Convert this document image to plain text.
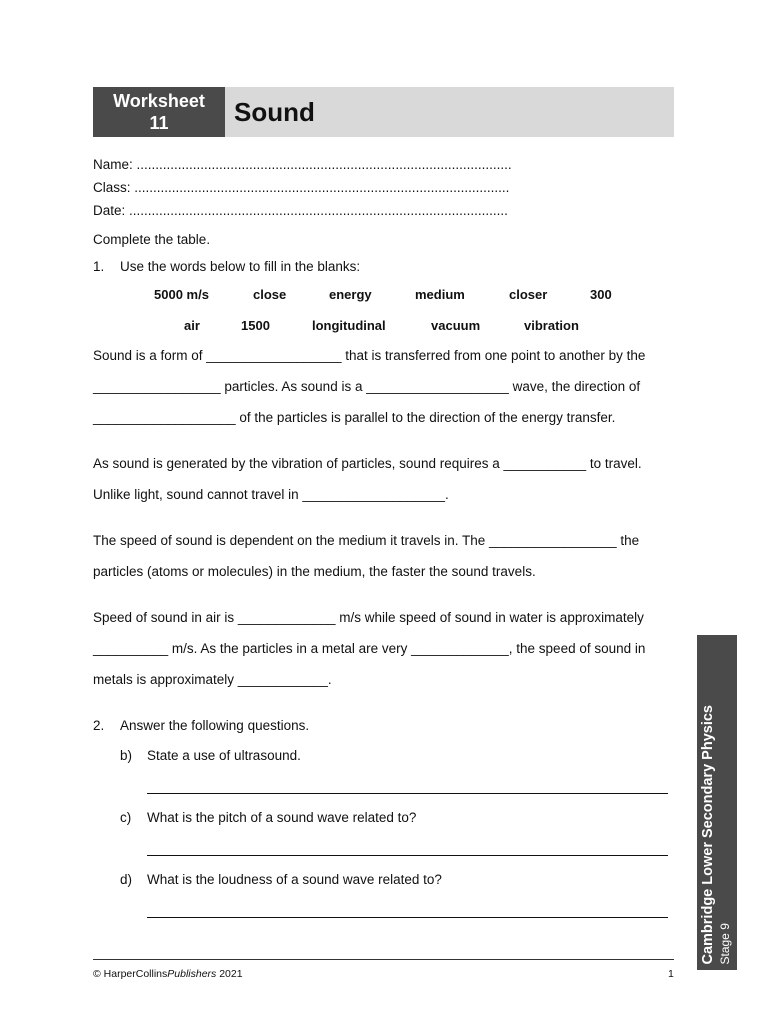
Worksheet
11	Sound
Name: ....................................................................................................
Class: ....................................................................................................
Date: .....................................................................................................
Complete the table.
1. Use the words below to fill in the blanks:
5000 m/s	close	energy	medium	closer	300
air	1500	longitudinal	vacuum	vibration
Sound is a form of __________________ that is transferred from one point to another by the
_________________ particles. As sound is a ___________________ wave, the direction of
___________________ of the particles is parallel to the direction of the energy transfer.
As sound is generated by the vibration of particles, sound requires a ___________ to travel.
Unlike light, sound cannot travel in ___________________.
The speed of sound is dependent on the medium it travels in. The _________________ the
particles (atoms or molecules) in the medium, the faster the sound travels.
Speed of sound in air is _____________ m/s while speed of sound in water is approximately
__________ m/s. As the particles in a metal are very _____________, the speed of sound in
metals is approximately ____________.
2. Answer the following questions.
b) State a use of ultrasound.
c) What is the pitch of a sound wave related to?
d) What is the loudness of a sound wave related to?
© HarperCollinsPublishers 2021	1
Cambridge Lower Secondary Physics Stage 9
